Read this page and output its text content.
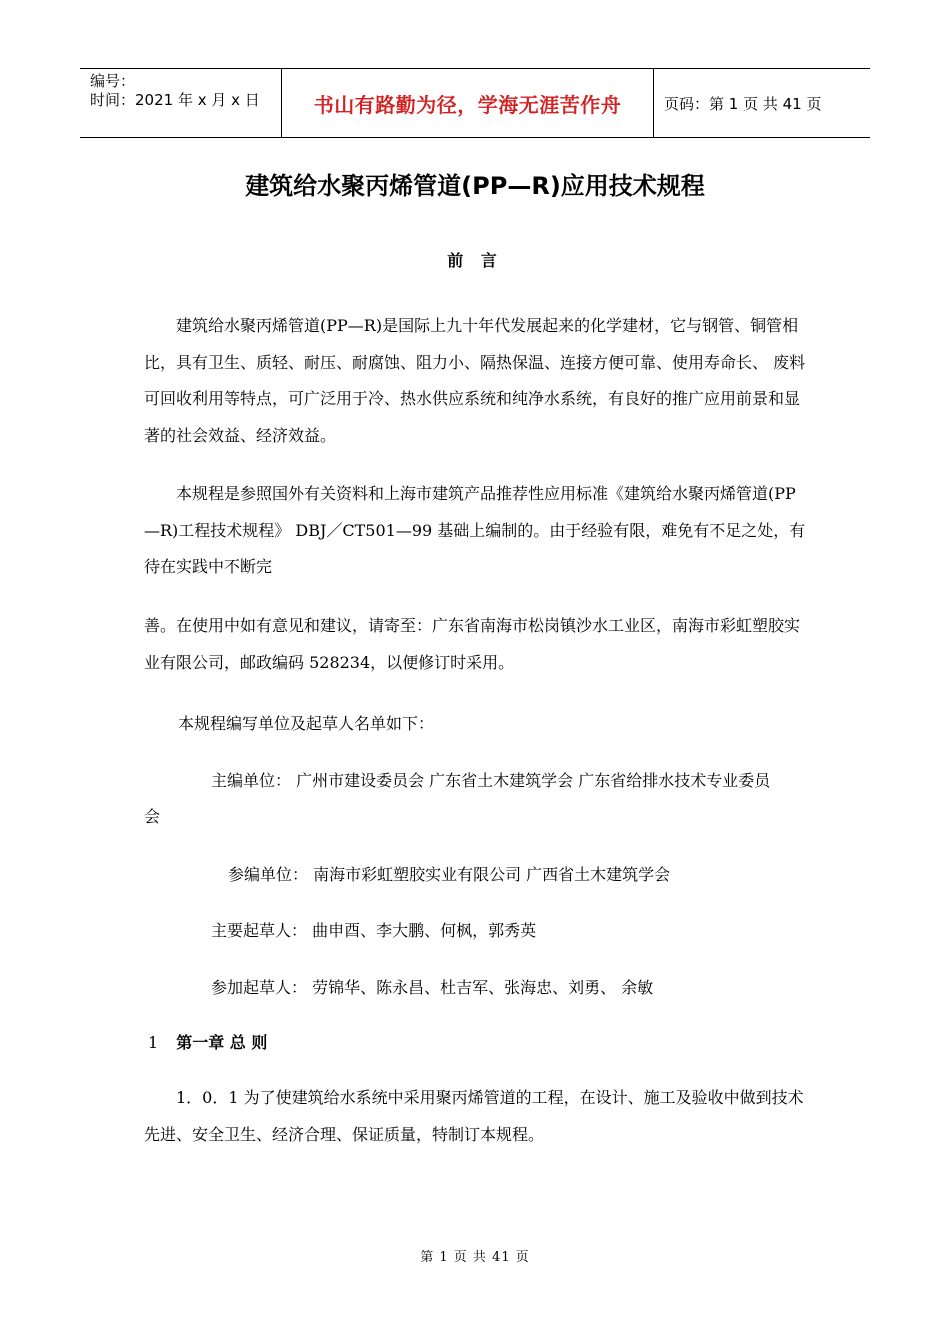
编号：
时间：2021 年 x 月 x 日	书山有路勤为径，学海无涯苦作舟	页码：第 1 页 共 41 页
建筑给水聚丙烯管道(PP—R)应用技术规程
前 言

建筑给水聚丙烯管道(PP—R)是国际上九十年代发展起来的化学建材，它与钢管、铜管相比，具有卫生、质轻、耐压、耐腐蚀、阻力小、隔热保温、连接方便可靠、使用寿命长、 废料可回收利用等特点，可广泛用于冷、热水供应系统和纯净水系统，有良好的推广应用前景和显著的社会效益、经济效益。

本规程是参照国外有关资料和上海市建筑产品推荐性应用标准《建筑给水聚丙烯管道(PP—R)工程技术规程》 DBJ／CT501—99 基础上编制的。由于经验有限，难免有不足之处，有待在实践中不断完

善。在使用中如有意见和建议，请寄至：广东省南海市松岗镇沙水工业区，南海市彩虹塑胶实业有限公司，邮政编码 528234，以便修订时采用。

本规程编写单位及起草人名单如下：

主编单位： 广州市建设委员会 广东省土木建筑学会 广东省给排水技术专业委员

会

参编单位： 南海市彩虹塑胶实业有限公司 广西省土木建筑学会

主要起草人： 曲申酉、李大鹏、何枫，郭秀英

参加起草人： 劳锦华、陈永昌、杜吉军、张海忠、刘勇、 余敏

1 第一章 总 则

1．0．1 为了使建筑给水系统中采用聚丙烯管道的工程，在设计、施工及验收中做到技术先进、安全卫生、经济合理、保证质量，特制订本规程。

第 1 页 共 41 页
